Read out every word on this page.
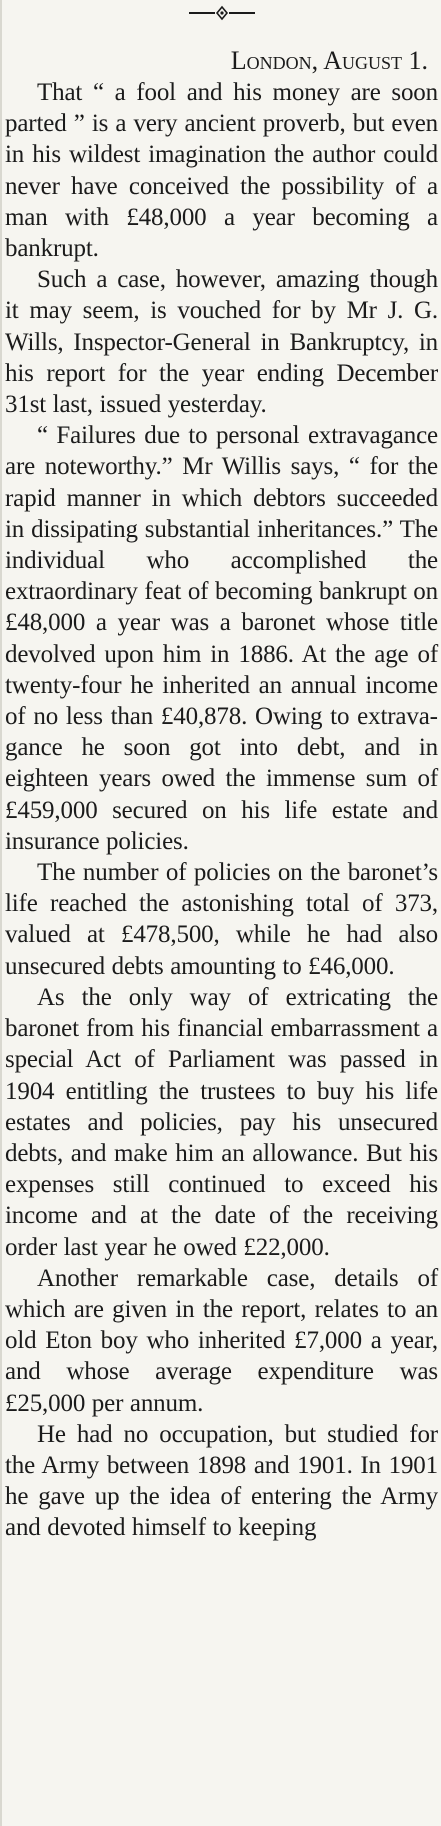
London, August 1.

That “ a fool and his money are soon parted ” is a very ancient proverb, but even in his wildest imagination the author could never have conceived the possibility of a man with £48,000 a year becoming a bankrupt.

Such a case, however, amazing though it may seem, is vouched for by Mr J. G. Wills, Inspector-General in Bankruptcy, in his report for the year ending December 31st last, issued yesterday.

“ Failures due to personal extravagance are noteworthy.” Mr Willis says, “ for the rapid manner in which debtors succeeded in dissipating substantial inheritances.” The individual who accomplished the extraordinary feat of becoming bankrupt on £48,000 a year was a baronet whose title devolved upon him in 1886. At the age of twenty-four he inherited an annual income of no less than £40,878. Owing to extravagance he soon got into debt, and in eighteen years owed the immense sum of £459,000 secured on his life estate and insurance policies.

The number of policies on the baronet’s life reached the astonishing total of 373, valued at £478,500, while he had also unsecured debts amounting to £46,000.

As the only way of extricating the baronet from his financial embarrassment a special Act of Parliament was passed in 1904 entitling the trustees to buy his life estates and policies, pay his unsecured debts, and make him an allowance. But his expenses still continued to exceed his income and at the date of the receiving order last year he owed £22,000.

Another remarkable case, details of which are given in the report, relates to an old Eton boy who inherited £7,000 a year, and whose average expenditure was £25,000 per annum.

He had no occupation, but studied for the Army between 1898 and 1901. In 1901 he gave up the idea of entering the Army and devoted himself to keeping
